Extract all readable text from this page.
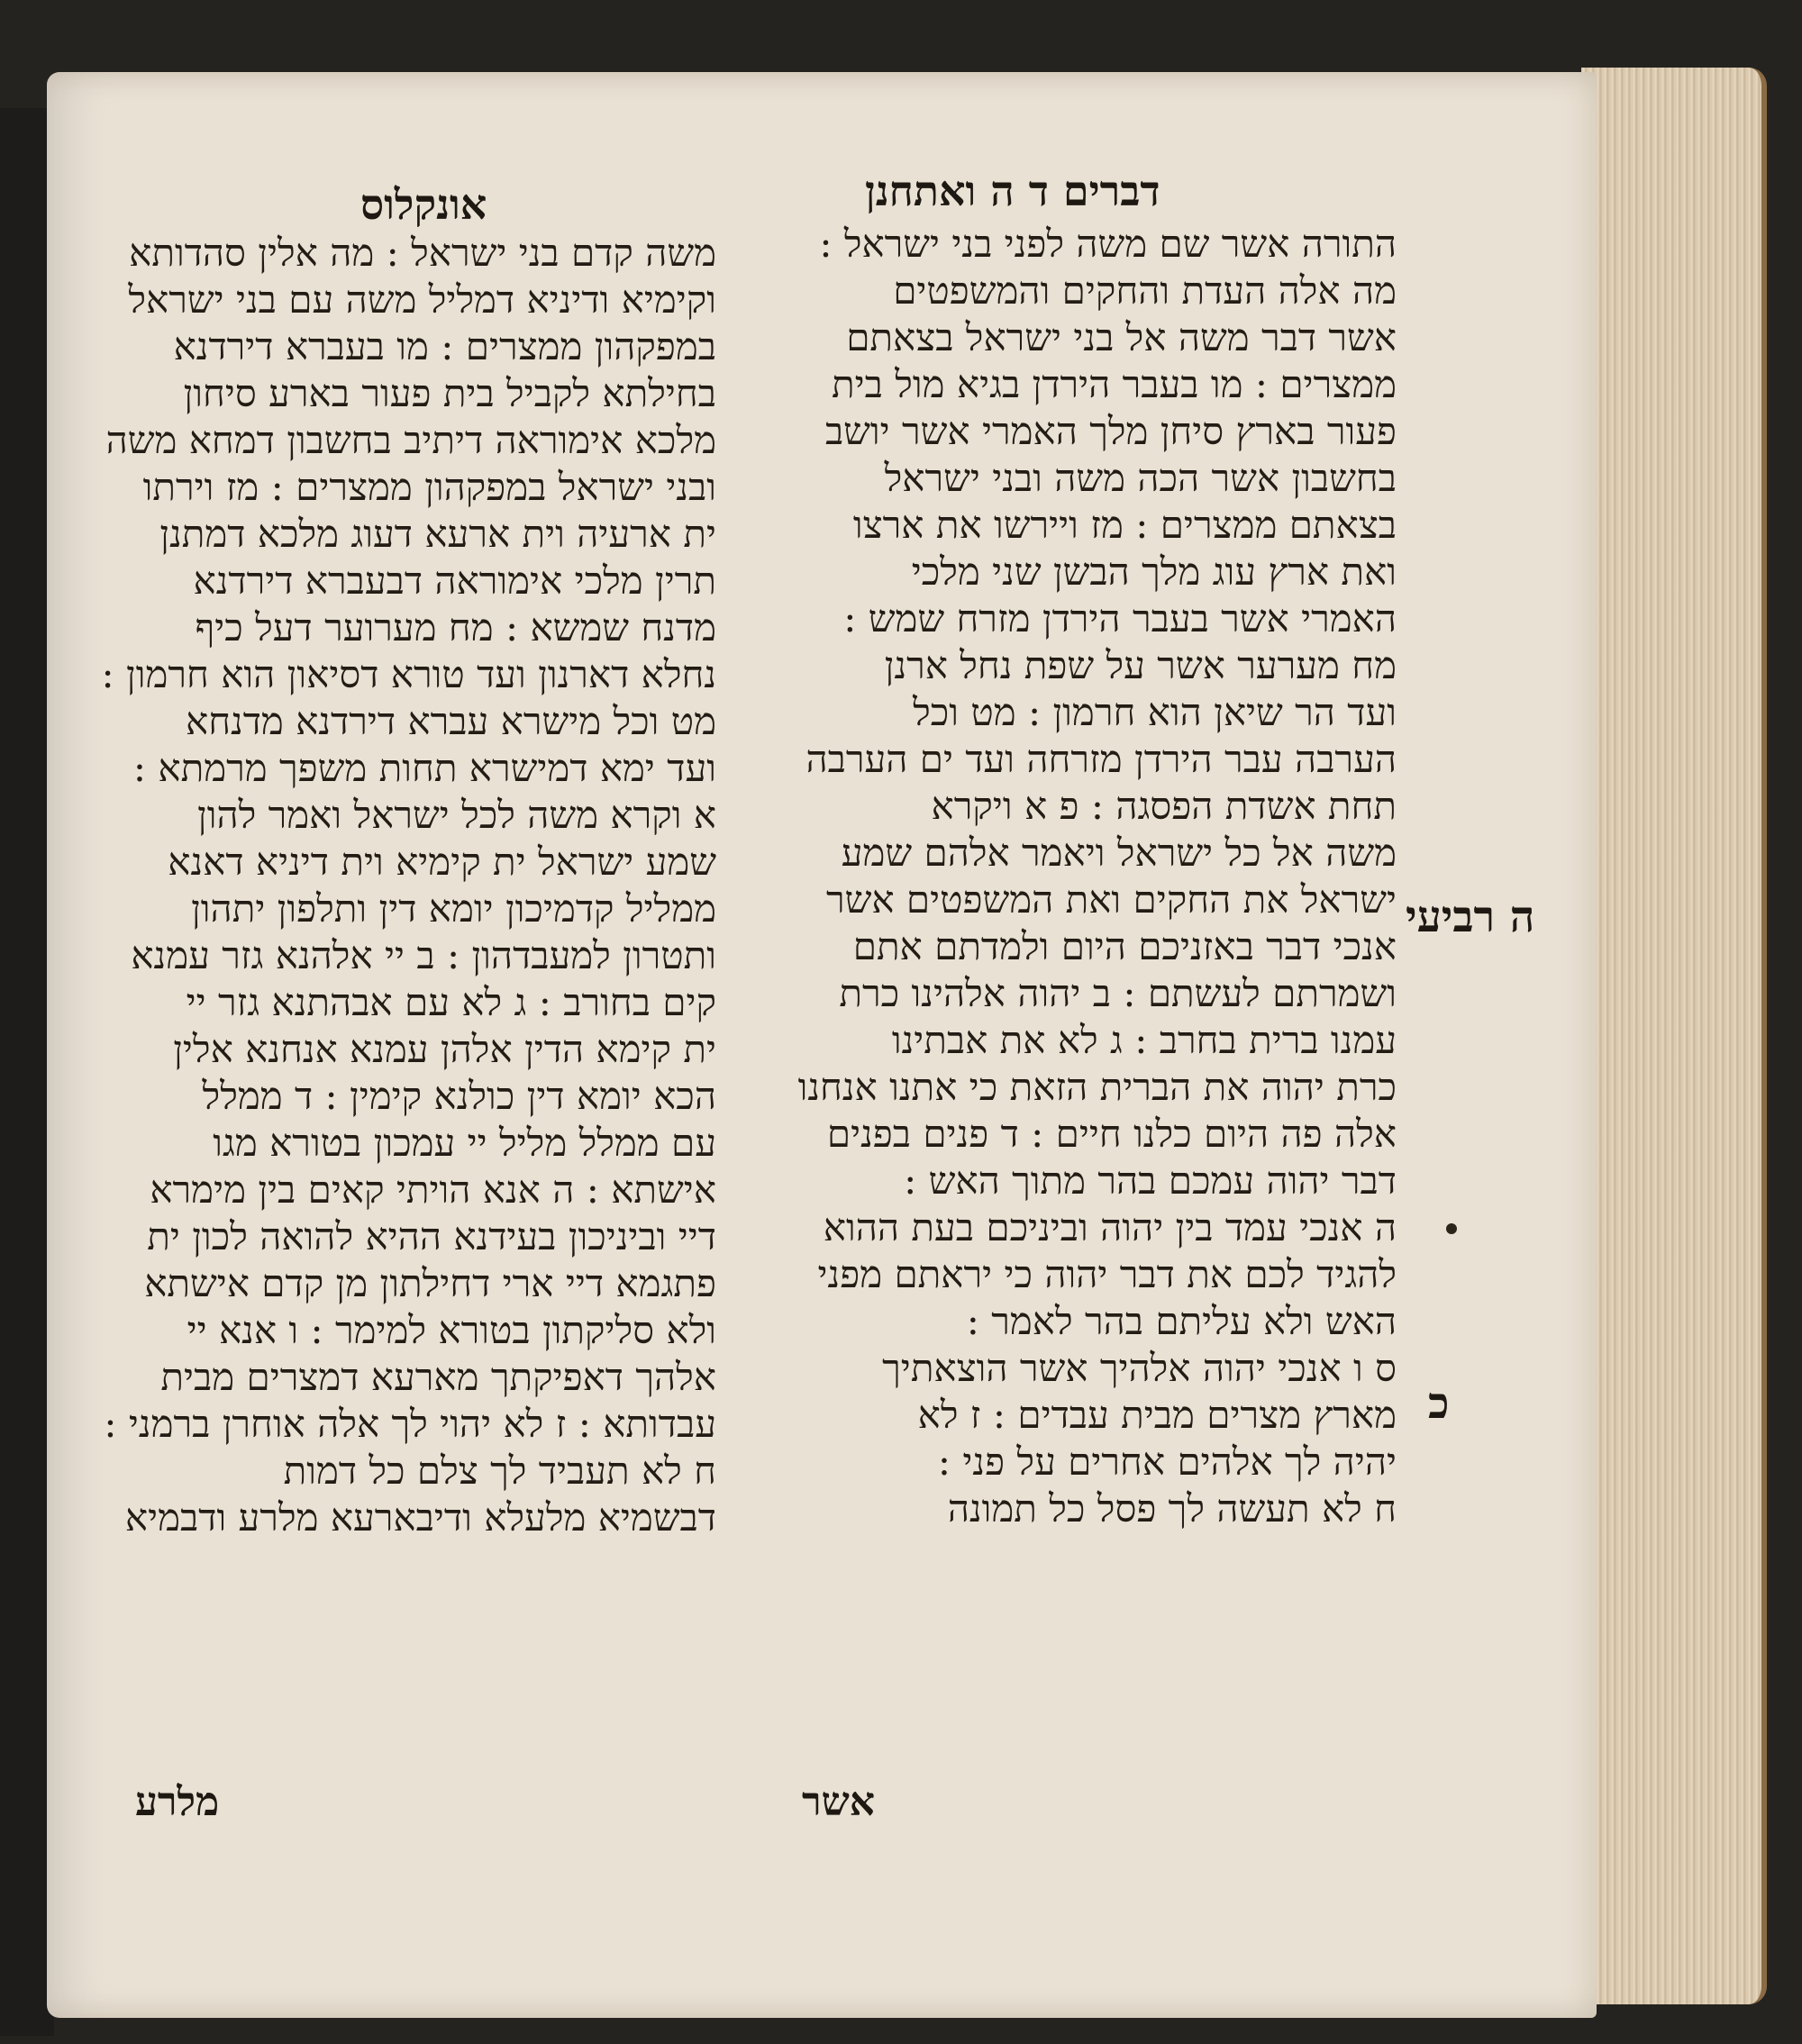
אונקלוס	דברים ד ה ואתחנן
משה קדם בני ישראל : מה אלין סהדותא
וקימיא ודיניא דמליל משה עם בני ישראל
במפקהון ממצרים : מו בעברא דירדנא
בחילתא לקביל בית פעור בארע סיחון
מלכא אימוראה דיתיב בחשבון דמחא משה
ובני ישראל במפקהון ממצרים : מז וירתו
ית ארעיה וית ארעא דעוג מלכא דמתנן
תרין מלכי אימוראה דבעברא דירדנא
מדנח שמשא : מח מערוער דעל כיף
נחלא דארנון ועד טורא דסיאון הוא חרמון :
מט וכל מישרא עברא דירדנא מדנחא
ועד ימא דמישרא תחות משפך מרמתא :
א וקרא משה לכל ישראל ואמר להון
שמע ישראל ית קימיא וית דיניא דאנא
ממליל קדמיכון יומא דין ותלפון יתהון
ותטרון למעבדהון : ב יי אלהנא גזר עמנא
קים בחורב : ג לא עם אבהתנא גזר יי
ית קימא הדין אלהן עמנא אנחנא אלין
הכא יומא דין כולנא קימין : ד ממלל
עם ממלל מליל יי עמכון בטורא מגו
אישתא : ה אנא הויתי קאים בין מימרא
דיי וביניכון בעידנא ההיא להואה לכון ית
פתגמא דיי ארי דחילתון מן קדם אישתא
ולא סליקתון בטורא למימר : ו אנא יי
אלהך דאפיקתך מארעא דמצרים מבית
עבדותא : ז לא יהוי לך אלה אוחרן ברמני :
ח לא תעביד לך צלם כל דמות
דבשמיא מלעלא ודיבארעא מלרע ודבמיא
התורה אשר שם משה לפני בני ישראל :
מה אלה העדת והחקים והמשפטים
אשר דבר משה אל בני ישראל בצאתם
ממצרים : מו בעבר הירדן בגיא מול בית
פעור בארץ סיחן מלך האמרי אשר יושב
בחשבון אשר הכה משה ובני ישראל
בצאתם ממצרים : מז ויירשו את ארצו
ואת ארץ עוג מלך הבשן שני מלכי
האמרי אשר בעבר הירדן מזרח שמש :
מח מערער אשר על שפת נחל ארנן
ועד הר שיאן הוא חרמון : מט וכל
הערבה עבר הירדן מזרחה ועד ים הערבה
תחת אשדת הפסגה : פ א ויקרא
משה אל כל ישראל ויאמר אלהם שמע
ישראל את החקים ואת המשפטים אשר
אנכי דבר באזניכם היום ולמדתם אתם
ושמרתם לעשתם : ב יהוה אלהינו כרת
עמנו ברית בחרב : ג לא את אבתינו
כרת יהוה את הברית הזאת כי אתנו אנחנו
אלה פה היום כלנו חיים : ד פנים בפנים
דבר יהוה עמכם בהר מתוך האש :
ה אנכי עמד בין יהוה וביניכם בעת ההוא
להגיד לכם את דבר יהוה כי יראתם מפני
האש ולא עליתם בהר לאמר :
ס ו אנכי יהוה אלהיך אשר הוצאתיך
מארץ מצרים מבית עבדים : ז לא
יהיה לך אלהים אחרים על פני :
ח לא תעשה לך פסל כל תמונה
ה רביעי
כ
מלרע	אשר
